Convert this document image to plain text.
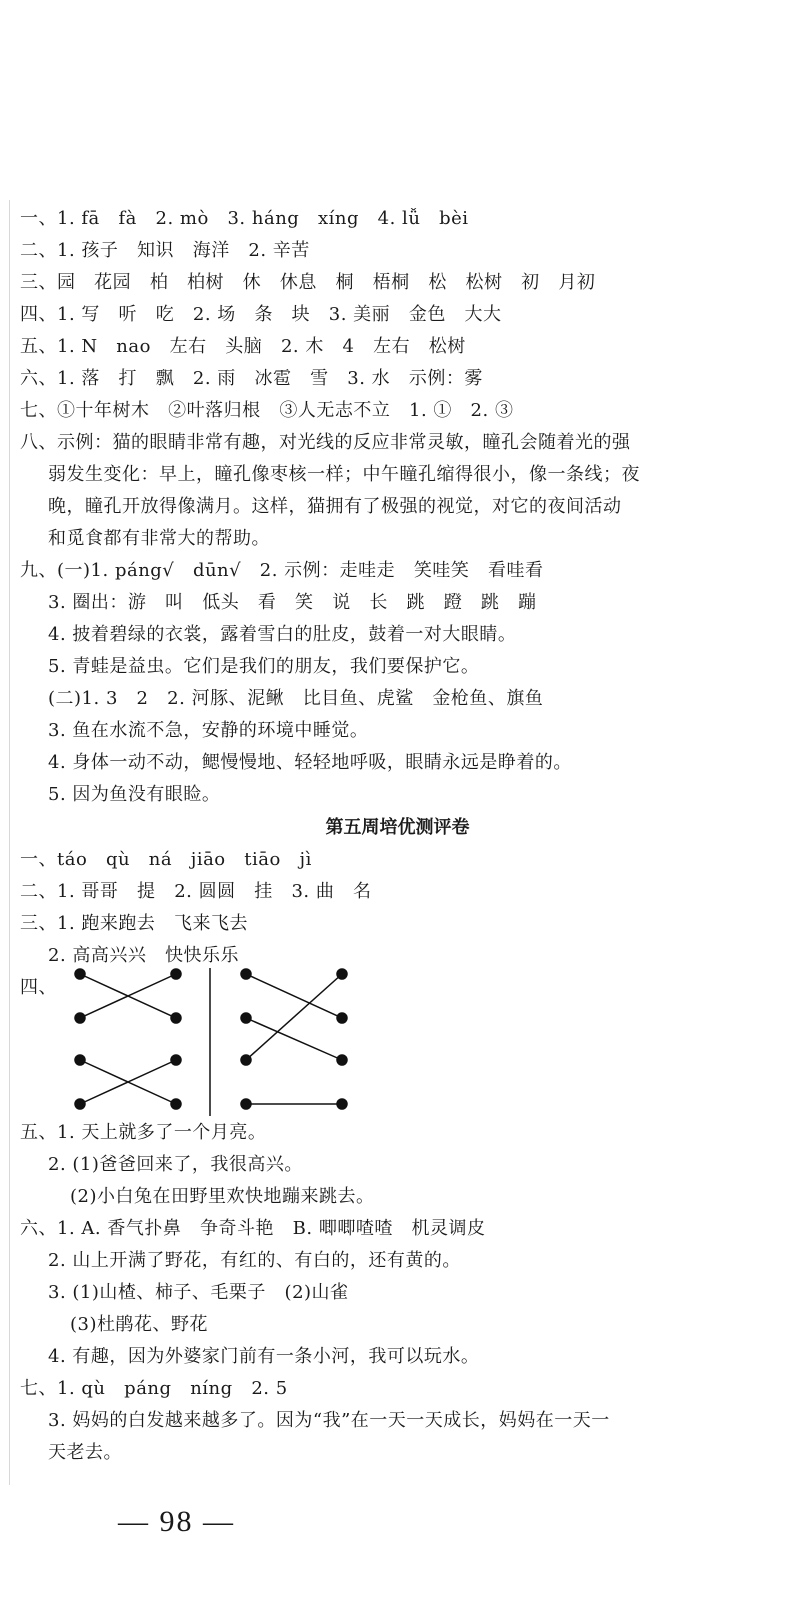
一、1. fā   fà   2. mò   3. háng   xíng   4. lǚ   bèi
二、1. 孩子   知识   海洋   2. 辛苦
三、园   花园   柏   柏树   休   休息   桐   梧桐   松   松树   初   月初
四、1. 写   听   吃   2. 场   条   块   3. 美丽   金色   大大
五、1. N   nao   左右   头脑   2. 木   4   左右   松树
六、1. 落   打   飘   2. 雨   冰雹   雪   3. 水   示例：雾
七、①十年树木   ②叶落归根   ③人无志不立   1. ①   2. ③
八、示例：猫的眼睛非常有趣，对光线的反应非常灵敏，瞳孔会随着光的强
弱发生变化：早上，瞳孔像枣核一样；中午瞳孔缩得很小，像一条线；夜
晚，瞳孔开放得像满月。这样，猫拥有了极强的视觉，对它的夜间活动
和觅食都有非常大的帮助。
九、(一)1. páng√   dūn√   2. 示例：走哇走   笑哇笑   看哇看
3. 圈出：游   叫   低头   看   笑   说   长   跳   蹬   跳   蹦
4. 披着碧绿的衣裳，露着雪白的肚皮，鼓着一对大眼睛。
5. 青蛙是益虫。它们是我们的朋友，我们要保护它。
(二)1. 3   2   2. 河豚、泥鳅   比目鱼、虎鲨   金枪鱼、旗鱼
3. 鱼在水流不急，安静的环境中睡觉。
4. 身体一动不动，鳃慢慢地、轻轻地呼吸，眼睛永远是睁着的。
5. 因为鱼没有眼睑。
第五周培优测评卷
一、táo   qù   ná   jiāo   tiāo   jì
二、1. 哥哥   提   2. 圆圆   挂   3. 曲   名
三、1. 跑来跑去   飞来飞去
2. 高高兴兴   快快乐乐
四、
五、1. 天上就多了一个月亮。
2. (1)爸爸回来了，我很高兴。
(2)小白兔在田野里欢快地蹦来跳去。
六、1. A. 香气扑鼻   争奇斗艳   B. 唧唧喳喳   机灵调皮
2. 山上开满了野花，有红的、有白的，还有黄的。
3. (1)山楂、柿子、毛栗子   (2)山雀
(3)杜鹃花、野花
4. 有趣，因为外婆家门前有一条小河，我可以玩水。
七、1. qù   páng   níng   2. 5
3. 妈妈的白发越来越多了。因为“我”在一天一天成长，妈妈在一天一
天老去。
— 98 —
